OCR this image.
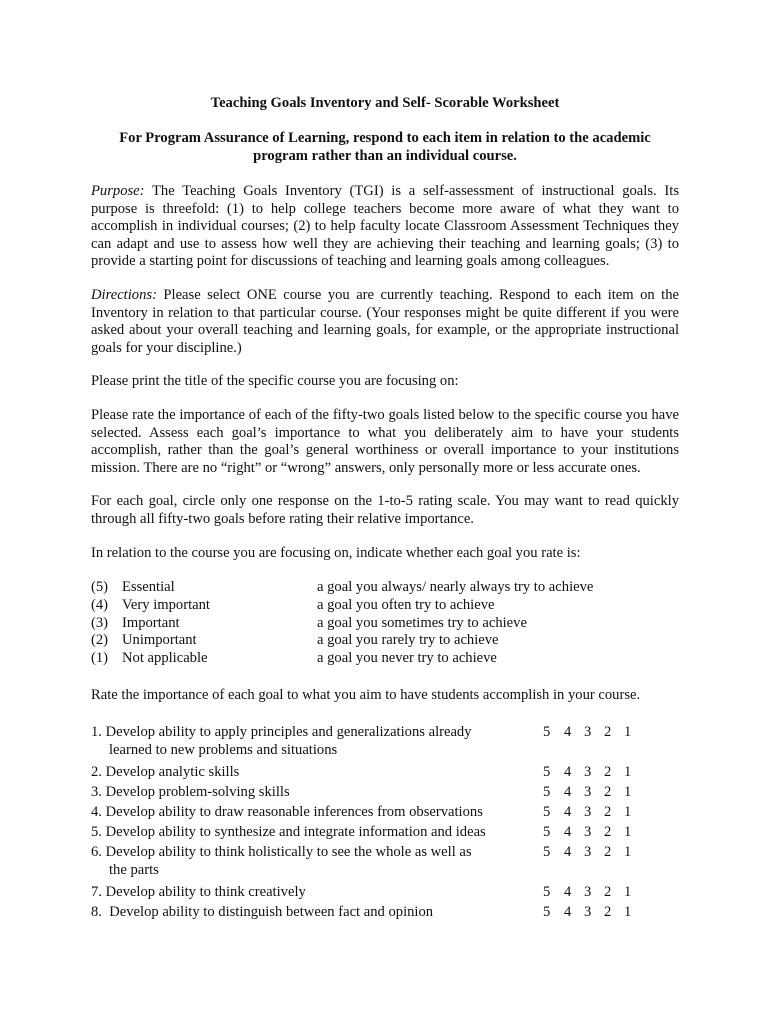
Teaching Goals Inventory and Self- Scorable Worksheet
For Program Assurance of Learning, respond to each item in relation to the academic program rather than an individual course.

Purpose: The Teaching Goals Inventory (TGI) is a self-assessment of instructional goals. Its purpose is threefold: (1) to help college teachers become more aware of what they want to accomplish in individual courses; (2) to help faculty locate Classroom Assessment Techniques they can adapt and use to assess how well they are achieving their teaching and learning goals; (3) to provide a starting point for discussions of teaching and learning goals among colleagues.

Directions: Please select ONE course you are currently teaching. Respond to each item on the Inventory in relation to that particular course. (Your responses might be quite different if you were asked about your overall teaching and learning goals, for example, or the appropriate instructional goals for your discipline.)

Please print the title of the specific course you are focusing on:

Please rate the importance of each of the fifty-two goals listed below to the specific course you have selected. Assess each goal’s importance to what you deliberately aim to have your students accomplish, rather than the goal’s general worthiness or overall importance to your institutions mission. There are no “right” or “wrong” answers, only personally more or less accurate ones.

For each goal, circle only one response on the 1-to-5 rating scale. You may want to read quickly through all fifty-two goals before rating their relative importance.

In relation to the course you are focusing on, indicate whether each goal you rate is:

(5) Essential	a goal you always/ nearly always try to achieve
(4) Very important	a goal you often try to achieve
(3) Important	a goal you sometimes try to achieve
(2) Unimportant	a goal you rarely try to achieve
(1) Not applicable	a goal you never try to achieve

Rate the importance of each goal to what you aim to have students accomplish in your course.

1. Develop ability to apply principles and generalizations already
learned to new problems and situations
5 4 3 2 1
2. Develop analytic skills	5 4 3 2 1
3. Develop problem-solving skills	5 4 3 2 1
4. Develop ability to draw reasonable inferences from observations	5 4 3 2 1
5. Develop ability to synthesize and integrate information and ideas	5 4 3 2 1
6. Develop ability to think holistically to see the whole as well as
the parts
5 4 3 2 1
7. Develop ability to think creatively	5 4 3 2 1
8.  Develop ability to distinguish between fact and opinion	5 4 3 2 1
